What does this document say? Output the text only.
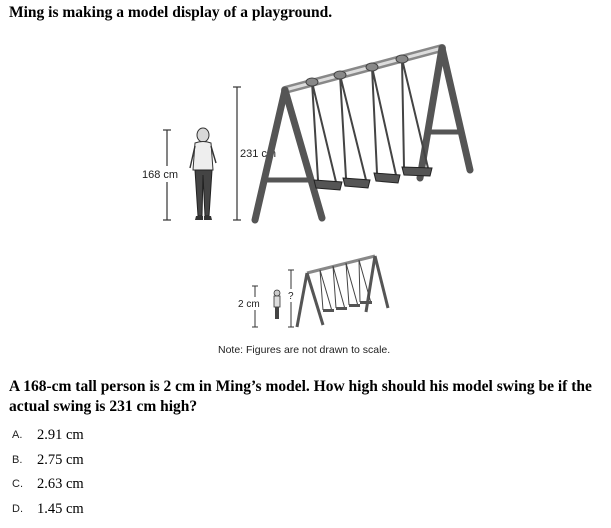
Ming is making a model display of a playground.
168 cm
231 cm
2 cm
?
Note: Figures are not drawn to scale.
A 168-cm tall person is 2 cm in Ming’s model. How high should his model swing be if the actual swing is 231 cm high?
A. 2.91 cm
B. 2.75 cm
C. 2.63 cm
D. 1.45 cm
